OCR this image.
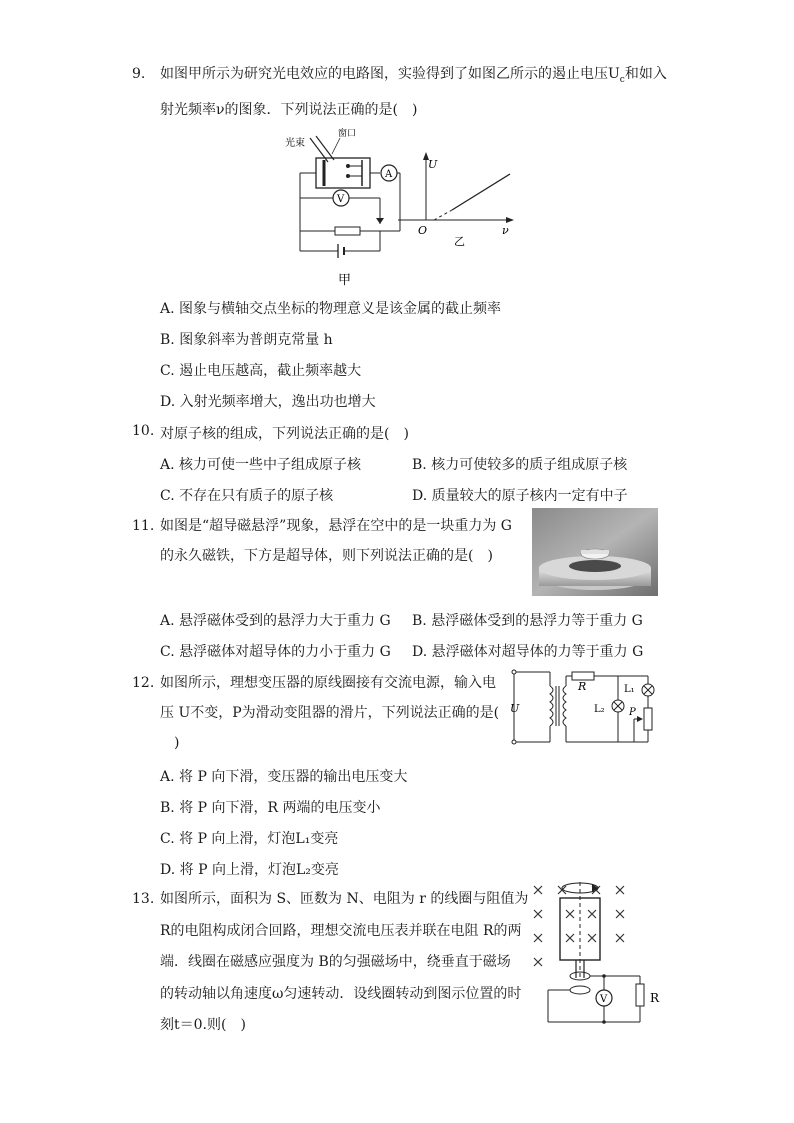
9. 如图甲所示为研究光电效应的电路图，实验得到了如图乙所示的遏止电压$U_c$和如入
射光频率ν的图象．下列说法正确的是(　)
光束
窗口
A
V
甲
U
O	ν
乙
A. 图象与横轴交点坐标的物理意义是该金属的截止频率
B. 图象斜率为普朗克常量 h
C. 遏止电压越高，截止频率越大
D. 入射光频率增大，逸出功也增大
10. 对原子核的组成，下列说法正确的是(　)
A. 核力可使一些中子组成原子核	B. 核力可使较多的质子组成原子核
C. 不存在只有质子的原子核	D. 质量较大的原子核内一定有中子
11. 如图是“超导磁悬浮”现象，悬浮在空中的是一块重力为 G
的永久磁铁，下方是超导体，则下列说法正确的是(　)
A. 悬浮磁体受到的悬浮力大于重力 G B. 悬浮磁体受到的悬浮力等于重力 G
C. 悬浮磁体对超导体的力小于重力 G D. 悬浮磁体对超导体的力等于重力 G
12. 如图所示，理想变压器的原线圈接有交流电源，输入电
压 U不变，P为滑动变阻器的滑片，下列说法正确的是(
)
U
R	L₁
P
L₂
A. 将 P 向下滑，变压器的输出电压变大
B. 将 P 向下滑，R 两端的电压变小
C. 将 P 向上滑，灯泡L₁变亮
D. 将 P 向上滑，灯泡L₂变亮
13. 如图所示，面积为 S、匝数为 N、电阻为 r 的线圈与阻值为
R的电阻构成闭合回路，理想交流电压表并联在电阻 R的两
端．线圈在磁感应强度为 B的匀强磁场中，绕垂直于磁场
的转动轴以角速度ω匀速转动．设线圈转动到图示位置的时
刻t＝0.则(　)
R
V
